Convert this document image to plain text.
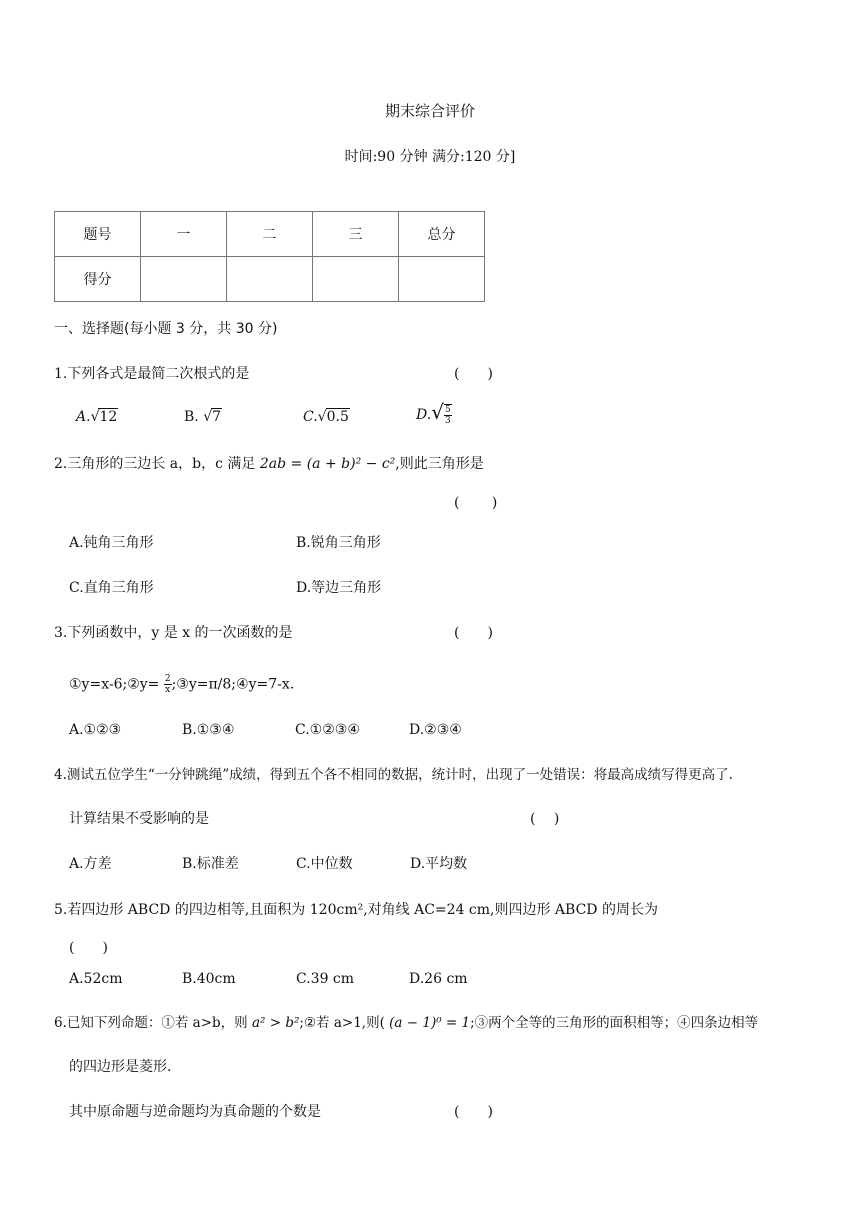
期末综合评价
时间:90 分钟 满分:120 分]
题号	一	二	三	总分
得分				
一、选择题(每小题 3 分，共 30 分)
1.下列各式是最简二次根式的是	(　　)
A.√12	B. √7	C.√0.5	$D.√ \frac{5}{3}$
2.三角形的三边长 a，b，c 满足 2ab = (a + b)² − c²,则此三角形是
(　　 )
A.钝角三角形	B.锐角三角形
C.直角三角形	D.等边三角形
3.下列函数中，y 是 x 的一次函数的是	(　　)
①y=x-6;②y= $\frac{2}{x}$ ;③y=π/8;④y=7-x.
A.①②③	B.①③④	C.①②③④	D.②③④
4.测试五位学生“一分钟跳绳”成绩，得到五个各不相同的数据，统计时，出现了一处错误：将最高成绩写得更高了.
计算结果不受影响的是	(　 )
A.方差	B.标准差	C.中位数	D.平均数
5.若四边形 ABCD 的四边相等,且面积为 120cm²,对角线 AC=24 cm,则四边形 ABCD 的周长为
(　　)
A.52cm	B.40cm	C.39 cm	D.26 cm
6.已知下列命题：①若 a>b，则 a² > b²;②若 a>1,则( (a − 1)⁰ = 1;③两个全等的三角形的面积相等；④四条边相等
的四边形是菱形.
其中原命题与逆命题均为真命题的个数是	(　　)
